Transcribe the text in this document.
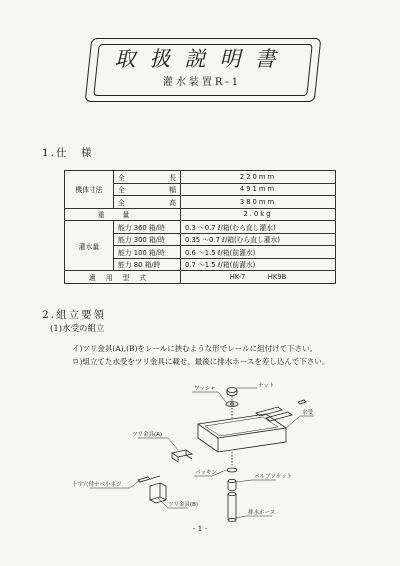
取扱説明書
灌水装置R-1
1.仕　様
機体寸法	全長	220mm
	全幅	491mm
	全高	380mm
重量		2.0kg
灌水量	能力 360 箱/時	0.3 ～0.7 ℓ/箱(むら直し灌水)
	能力 300 箱/時	0.35 ～0.7 ℓ/箱(むら直し灌水)
	能力 100 箱/時	0.6 ～1.5 ℓ/箱(前灌水)
	能力 80 箱/時	0.7 ～1.5 ℓ/箱(前灌水)
適用型式		HK-7 HK9B
2.組立要領
(1)水受の組立
イ)ツリ金具(A),(B)をレールに挟むような形でレールに組付けて下さい。
ロ)組立てた水受をツリ金具に載せ、最後に排水ホースを差し込んで下さい。
ナット
ワッシャ
水受
ツリ金具(A)
パッキン
バルブソケット
十字穴付ナベ小ネジ
ツリ金具(B)
排水ホース
- 1 -
